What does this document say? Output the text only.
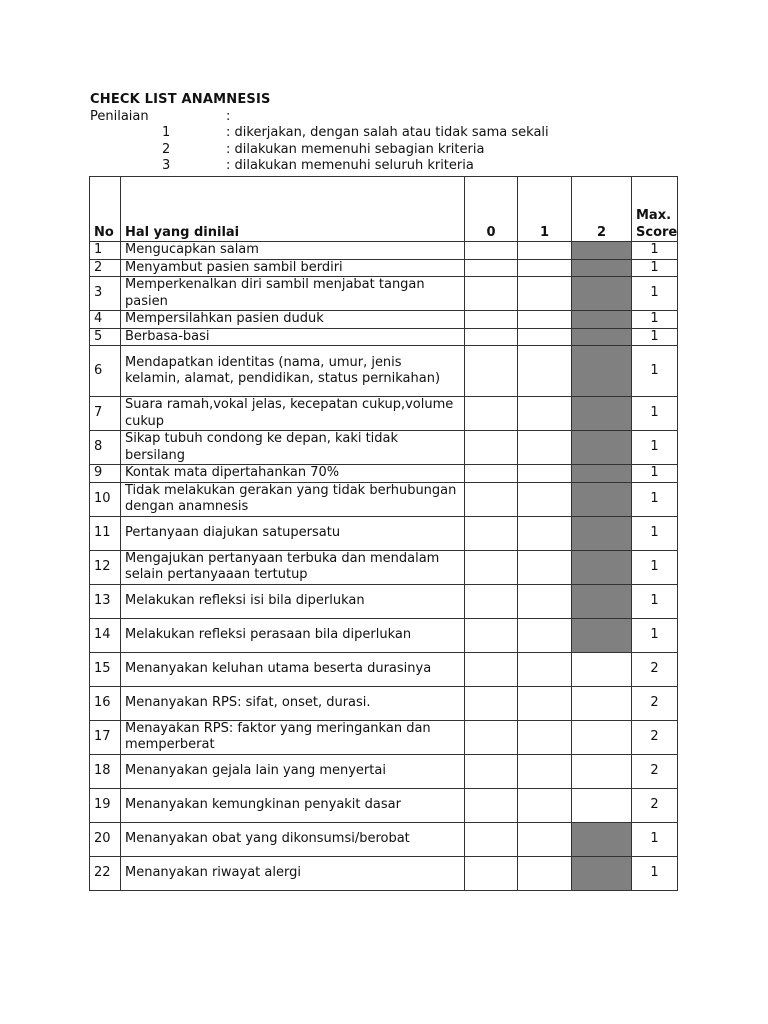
CHECK LIST ANAMNESIS
Penilaian	:
1	: dikerjakan, dengan salah atau tidak sama sekali
2	: dilakukan memenuhi sebagian kriteria
3	: dilakukan memenuhi seluruh kriteria
No	Hal yang dinilai	0	1	2	Max. Score
1	Mengucapkan salam				1
2	Menyambut pasien sambil berdiri				1
3	Memperkenalkan diri sambil menjabat tangan pasien				1
4	Mempersilahkan pasien duduk				1
5	Berbasa-basi				1
6	Mendapatkan identitas (nama, umur, jenis kelamin, alamat, pendidikan, status pernikahan)				1
7	Suara ramah,vokal jelas, kecepatan cukup,volume cukup				1
8	Sikap tubuh condong ke depan, kaki tidak bersilang				1
9	Kontak mata dipertahankan 70%				1
10	Tidak melakukan gerakan yang tidak berhubungan dengan anamnesis				1
11	Pertanyaan diajukan satupersatu				1
12	Mengajukan pertanyaan terbuka dan mendalam selain pertanyaaan tertutup				1
13	Melakukan refleksi isi bila diperlukan				1
14	Melakukan refleksi perasaan bila diperlukan				1
15	Menanyakan keluhan utama beserta durasinya				2
16	Menanyakan RPS: sifat, onset, durasi.				2
17	Menayakan RPS: faktor yang meringankan dan memperberat				2
18	Menanyakan gejala lain yang menyertai				2
19	Menanyakan kemungkinan penyakit dasar				2
20	Menanyakan obat yang dikonsumsi/berobat				1
22	Menanyakan riwayat alergi				1
